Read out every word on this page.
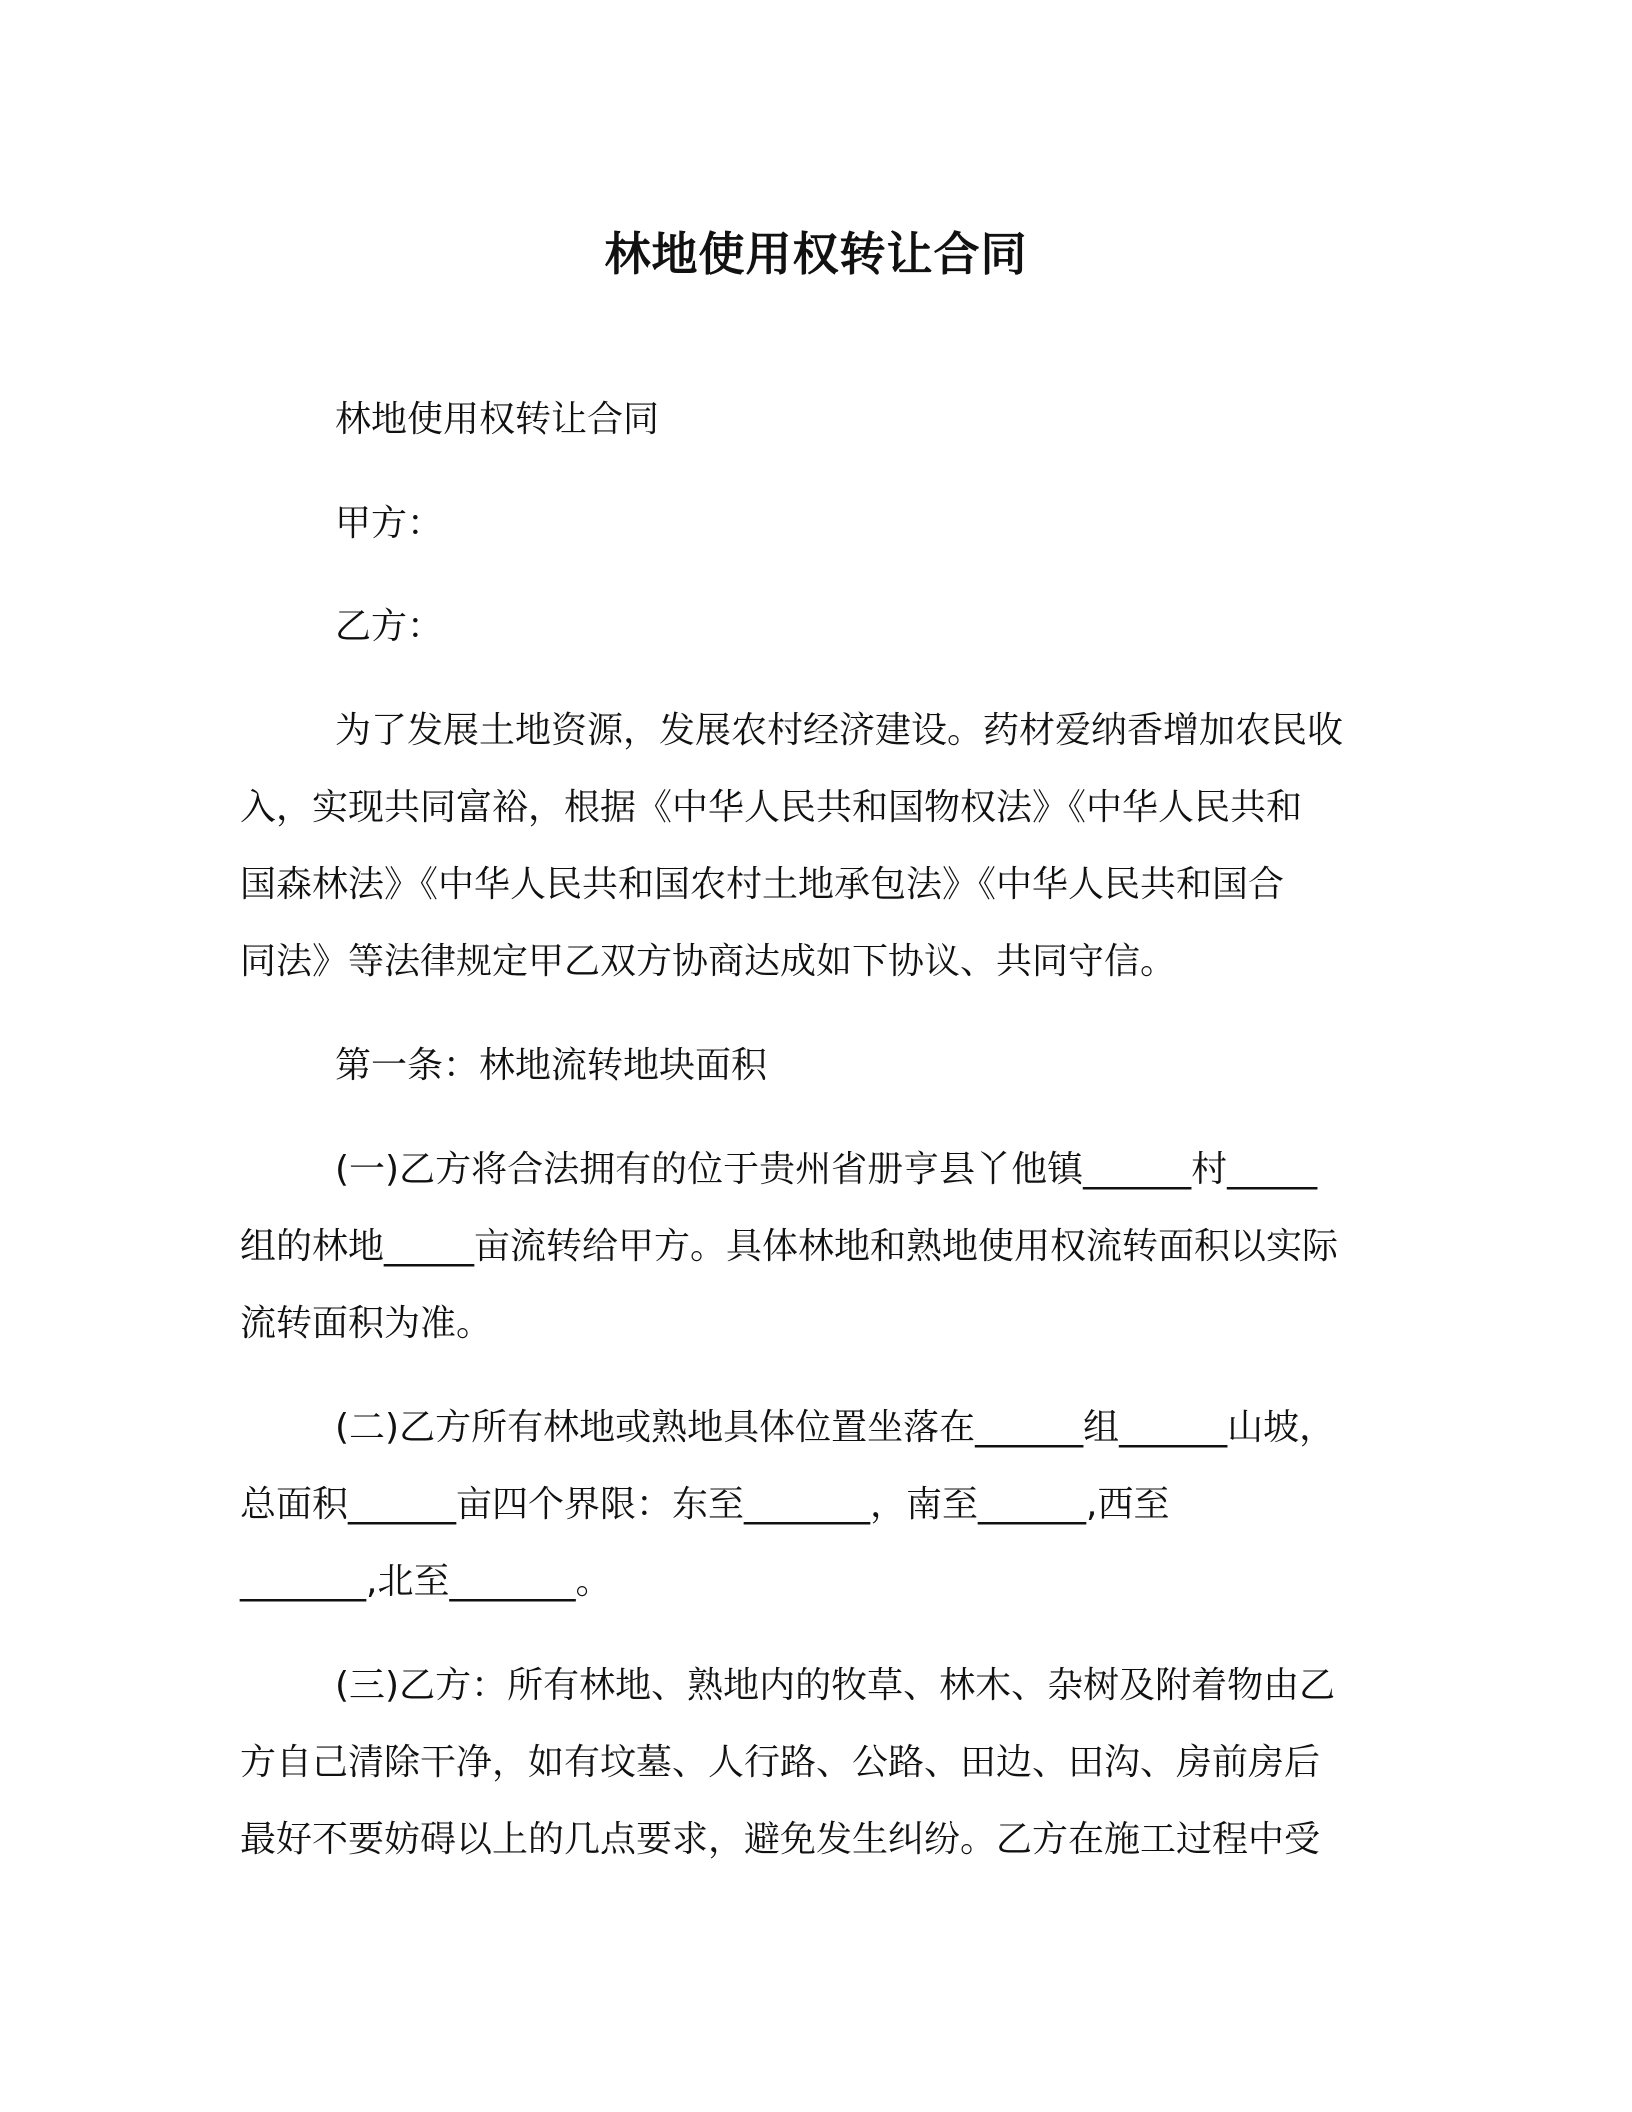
林地使用权转让合同
林地使用权转让合同
甲方：
乙方：
为了发展土地资源，发展农村经济建设。药材爱纳香增加农民收
入，实现共同富裕，根据《中华人民共和国物权法》《中华人民共和
国森林法》《中华人民共和国农村土地承包法》《中华人民共和国合
同法》等法律规定甲乙双方协商达成如下协议、共同守信。
第一条：林地流转地块面积
(一)乙方将合法拥有的位于贵州省册亨县丫他镇______村_____
组的林地_____亩流转给甲方。具体林地和熟地使用权流转面积以实际
流转面积为准。
(二)乙方所有林地或熟地具体位置坐落在______组______山坡，
总面积______亩四个界限：东至_______，南至______,西至
_______,北至_______。
(三)乙方：所有林地、熟地内的牧草、林木、杂树及附着物由乙
方自己清除干净，如有坟墓、人行路、公路、田边、田沟、房前房后
最好不要妨碍以上的几点要求，避免发生纠纷。乙方在施工过程中受
